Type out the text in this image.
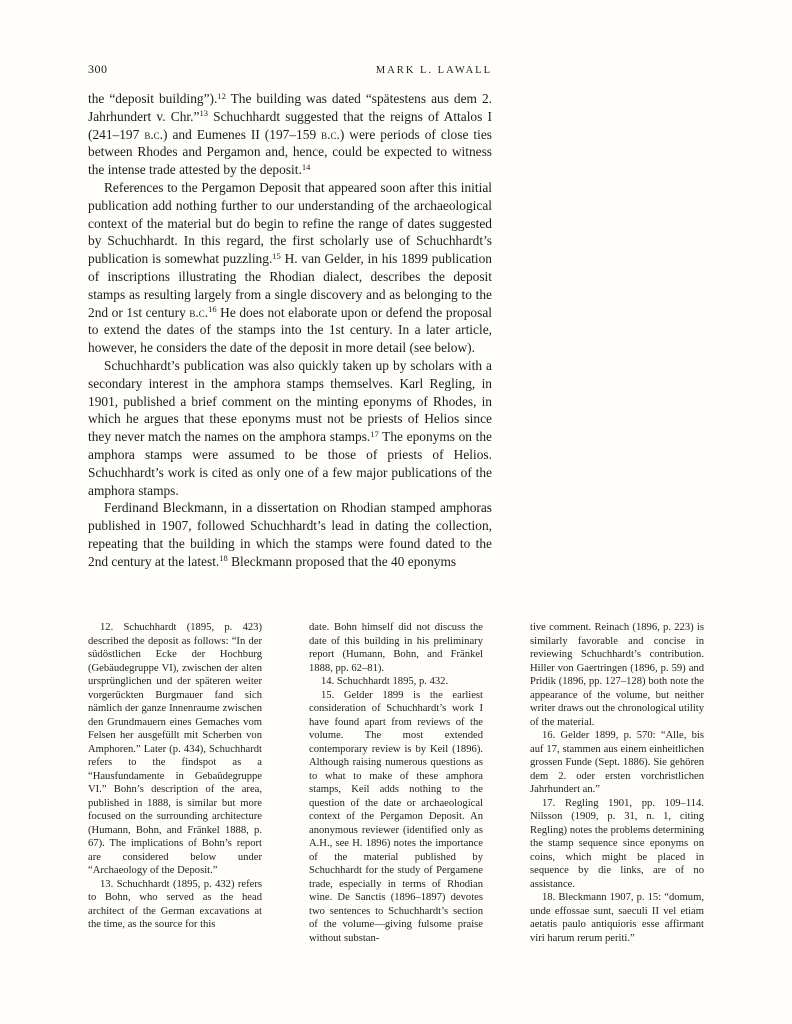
300	MARK L. LAWALL

the “deposit building”).$^{12}$ The building was dated “spätestens aus dem 2. Jahrhundert v. Chr.”$^{13}$ Schuchhardt suggested that the reigns of Attalos I (241–197 b.c.) and Eumenes II (197–159 b.c.) were periods of close ties between Rhodes and Pergamon and, hence, could be expected to witness the intense trade attested by the deposit.$^{14}$

References to the Pergamon Deposit that appeared soon after this initial publication add nothing further to our understanding of the archaeological context of the material but do begin to refine the range of dates suggested by Schuchhardt. In this regard, the first scholarly use of Schuchhardt’s publication is somewhat puzzling.$^{15}$ H. van Gelder, in his 1899 publication of inscriptions illustrating the Rhodian dialect, describes the deposit stamps as resulting largely from a single discovery and as belonging to the 2nd or 1st century b.c.$^{16}$ He does not elaborate upon or defend the proposal to extend the dates of the stamps into the 1st century. In a later article, however, he considers the date of the deposit in more detail (see below).

Schuchhardt’s publication was also quickly taken up by scholars with a secondary interest in the amphora stamps themselves. Karl Regling, in 1901, published a brief comment on the minting eponyms of Rhodes, in which he argues that these eponyms must not be priests of Helios since they never match the names on the amphora stamps.$^{17}$ The eponyms on the amphora stamps were assumed to be those of priests of Helios. Schuchhardt’s work is cited as only one of a few major publications of the amphora stamps.

Ferdinand Bleckmann, in a dissertation on Rhodian stamped amphoras published in 1907, followed Schuchhardt’s lead in dating the collection, repeating that the building in which the stamps were found dated to the 2nd century at the latest.$^{18}$ Bleckmann proposed that the 40 eponyms

12. Schuchhardt (1895, p. 423) described the deposit as follows: “In der südöstlichen Ecke der Hochburg (Gebäudegruppe VI), zwischen der alten ursprünglichen und der späteren weiter vorgerückten Burgmauer fand sich nämlich der ganze Innenraume zwischen den Grundmauern eines Gemaches vom Felsen her ausgefüllt mit Scherben von Amphoren.” Later (p. 434), Schuchhardt refers to the findspot as a “Hausfundamente in Gebaüdegruppe VI.” Bohn’s description of the area, published in 1888, is similar but more focused on the surrounding architecture (Humann, Bohn, and Fränkel 1888, p. 67). The implications of Bohn’s report are considered below under “Archaeology of the Deposit.”

13. Schuchhardt (1895, p. 432) refers to Bohn, who served as the head architect of the German excavations at the time, as the source for this

date. Bohn himself did not discuss the date of this building in his preliminary report (Humann, Bohn, and Fränkel 1888, pp. 62–81).

14. Schuchhardt 1895, p. 432.

15. Gelder 1899 is the earliest consideration of Schuchhardt’s work I have found apart from reviews of the volume. The most extended contemporary review is by Keil (1896). Although raising numerous questions as to what to make of these amphora stamps, Keil adds nothing to the question of the date or archaeological context of the Pergamon Deposit. An anonymous reviewer (identified only as A.H., see H. 1896) notes the importance of the material published by Schuchhardt for the study of Pergamene trade, especially in terms of Rhodian wine. De Sanctis (1896–1897) devotes two sentences to Schuchhardt’s section of the volume—giving fulsome praise without substan-

tive comment. Reinach (1896, p. 223) is similarly favorable and concise in reviewing Schuchhardt’s contribution. Hiller von Gaertringen (1896, p. 59) and Pridik (1896, pp. 127–128) both note the appearance of the volume, but neither writer draws out the chronological utility of the material.

16. Gelder 1899, p. 570: “Alle, bis auf 17, stammen aus einem einheitlichen grossen Funde (Sept. 1886). Sie gehören dem 2. oder ersten vorchristlichen Jahrhundert an.”

17. Regling 1901, pp. 109–114. Nilsson (1909, p. 31, n. 1, citing Regling) notes the problems determining the stamp sequence since eponyms on coins, which might be placed in sequence by die links, are of no assistance.

18. Bleckmann 1907, p. 15: “domum, unde effossae sunt, saeculi II vel etiam aetatis paulo antiquioris esse affirmant viri harum rerum periti.”
